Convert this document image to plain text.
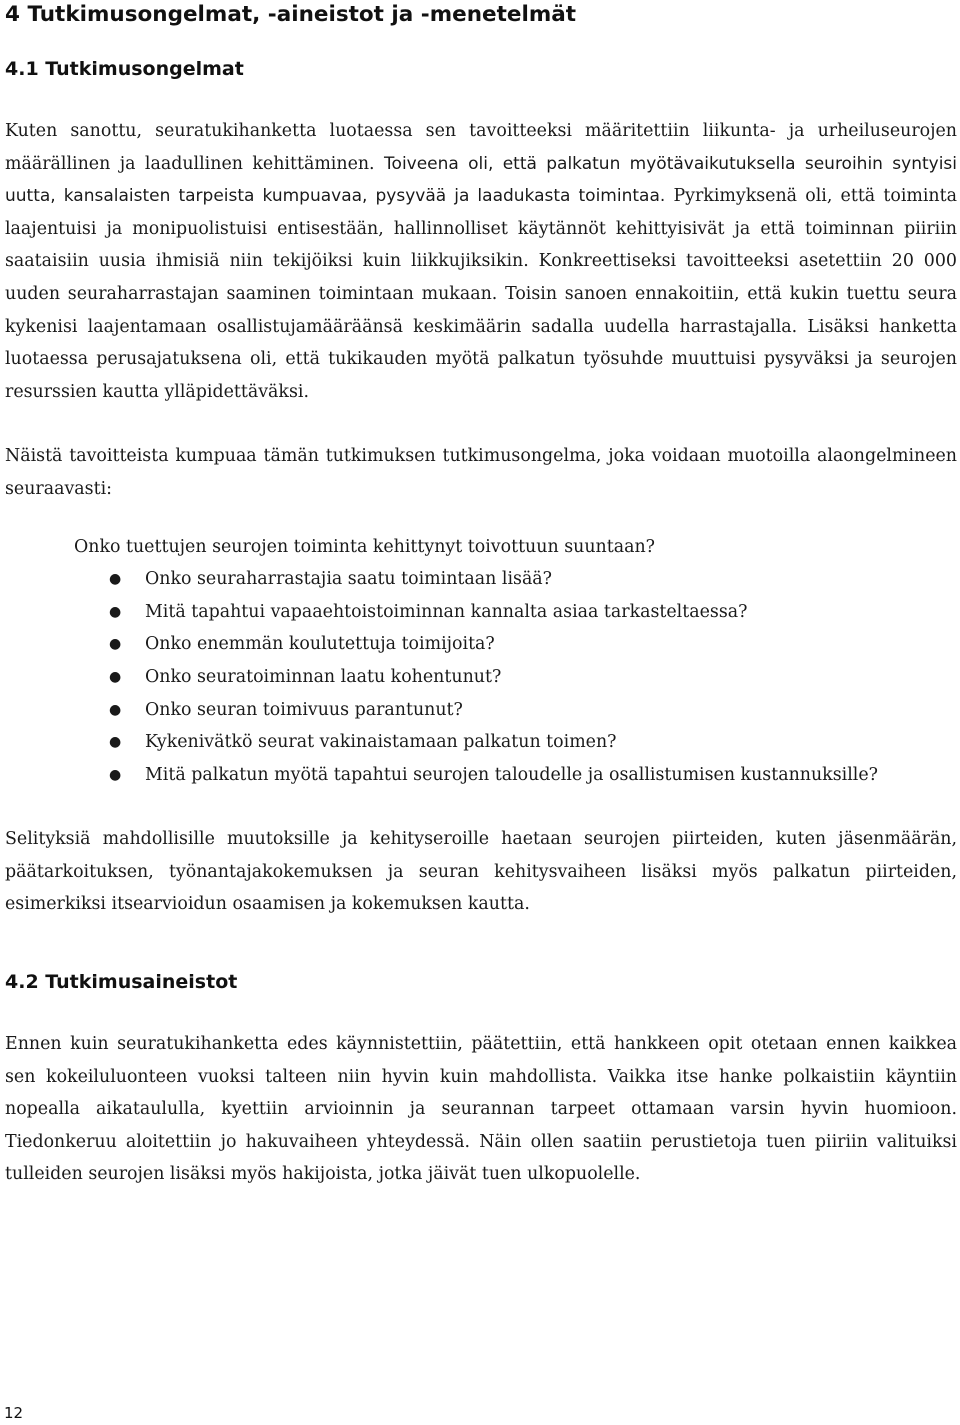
4 Tutkimusongelmat, -aineistot ja -menetelmät
4.1 Tutkimusongelmat

Kuten sanottu, seuratukihanketta luotaessa sen tavoitteeksi määritettiin liikunta- ja urheiluseurojen määrällinen ja laadullinen kehittäminen. Toiveena oli, että palkatun myötävaikutuksella seuroihin syntyisi uutta, kansalaisten tarpeista kumpuavaa, pysyvää ja laadukasta toimintaa. Pyrkimyksenä oli, että toiminta laajentuisi ja monipuolistuisi entisestään, hallinnolliset käytännöt kehittyisivät ja että toiminnan piiriin saataisiin uusia ihmisiä niin tekijöiksi kuin liikkujiksikin. Konkreettiseksi tavoitteeksi asetettiin 20 000 uuden seuraharrastajan saaminen toimintaan mukaan. Toisin sanoen ennakoitiin, että kukin tuettu seura kykenisi laajentamaan osallistujamääräänsä keskimäärin sadalla uudella harrastajalla. Lisäksi hanketta luotaessa perusajatuksena oli, että tukikauden myötä palkatun työsuhde muuttuisi pysyväksi ja seurojen resurssien kautta ylläpidettäväksi.

Näistä tavoitteista kumpuaa tämän tutkimuksen tutkimusongelma, joka voidaan muotoilla alaongelmineen seuraavasti:

Onko tuettujen seurojen toiminta kehittynyt toivottuun suuntaan?
● Onko seuraharrastajia saatu toimintaan lisää?
● Mitä tapahtui vapaaehtoistoiminnan kannalta asiaa tarkasteltaessa?
● Onko enemmän koulutettuja toimijoita?
● Onko seuratoiminnan laatu kohentunut?
● Onko seuran toimivuus parantunut?
● Kykenivätkö seurat vakinaistamaan palkatun toimen?
● Mitä palkatun myötä tapahtui seurojen taloudelle ja osallistumisen kustannuksille?

Selityksiä mahdollisille muutoksille ja kehityseroille haetaan seurojen piirteiden, kuten jäsenmäärän, päätarkoituksen, työnantajakokemuksen ja seuran kehitysvaiheen lisäksi myös palkatun piirteiden, esimerkiksi itsearvioidun osaamisen ja kokemuksen kautta.

4.2 Tutkimusaineistot

Ennen kuin seuratukihanketta edes käynnistettiin, päätettiin, että hankkeen opit otetaan ennen kaikkea sen kokeiluluonteen vuoksi talteen niin hyvin kuin mahdollista. Vaikka itse hanke polkaistiin käyntiin nopealla aikataululla, kyettiin arvioinnin ja seurannan tarpeet ottamaan varsin hyvin huomioon. Tiedonkeruu aloitettiin jo hakuvaiheen yhteydessä. Näin ollen saatiin perustietoja tuen piiriin valituiksi tulleiden seurojen lisäksi myös hakijoista, jotka jäivät tuen ulkopuolelle.

12
